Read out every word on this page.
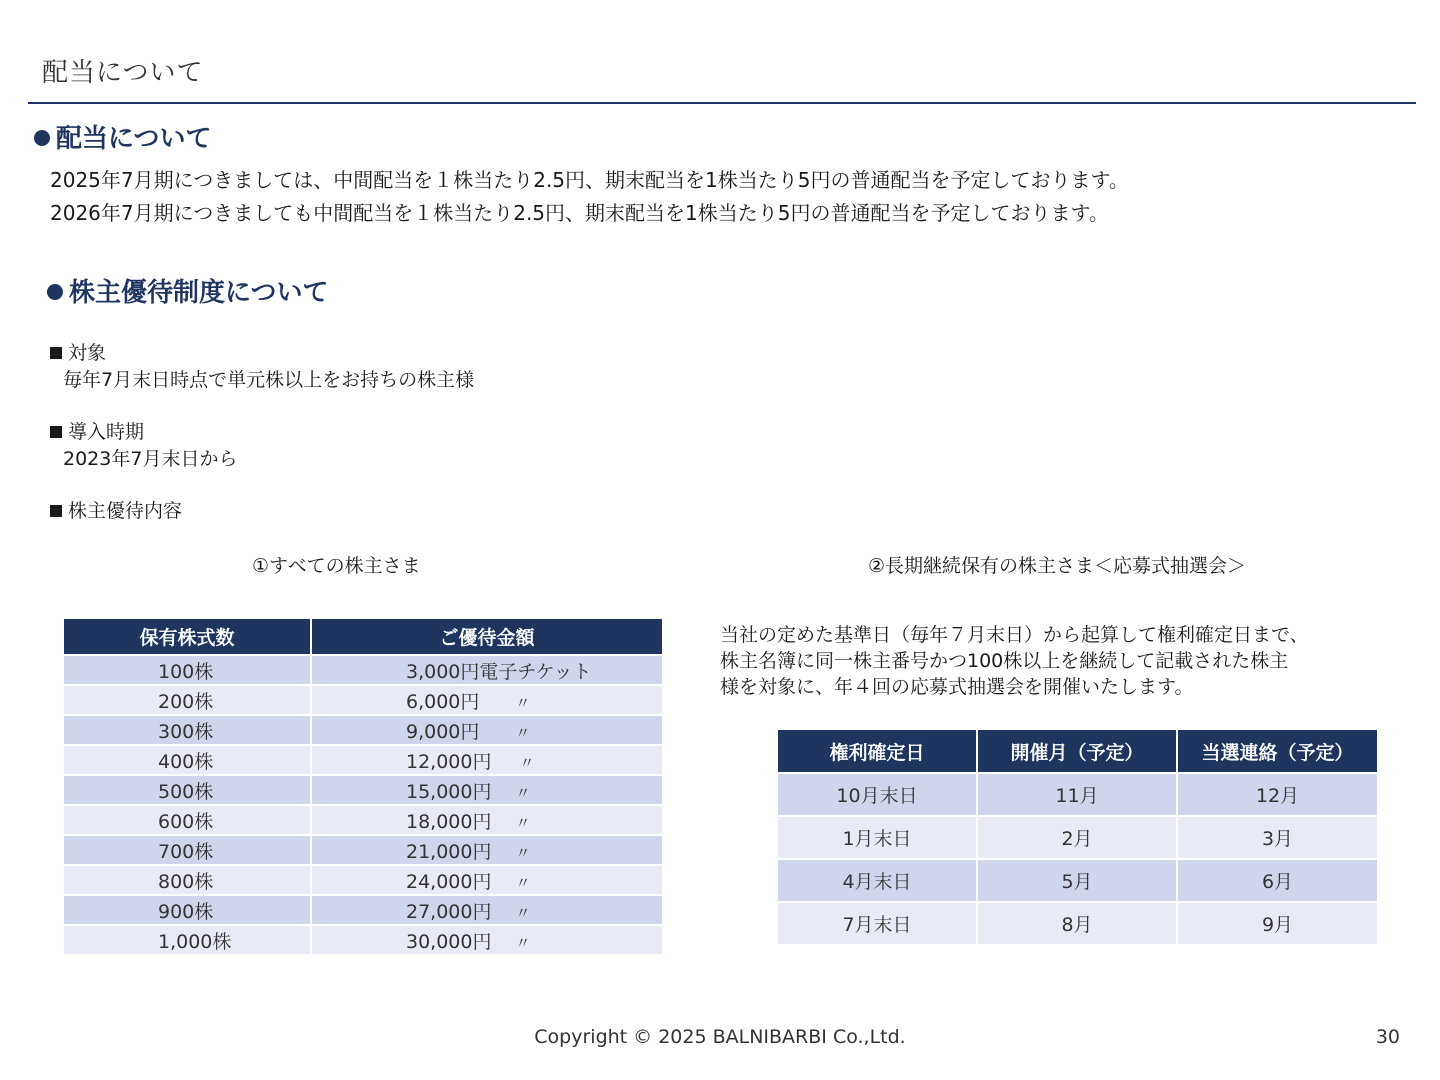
配当について
配当について
2025年7月期につきましては、中間配当を１株当たり2.5円、期末配当を1株当たり5円の普通配当を予定しております。
2026年7月期につきましても中間配当を１株当たり2.5円、期末配当を1株当たり5円の普通配当を予定しております。
株主優待制度について
対象
毎年7月末日時点で単元株以上をお持ちの株主様
導入時期
2023年7月末日から
株主優待内容
①すべての株主さま
保有株式数	ご優待金額
100株	3,000円電子チケット
200株	6,000円 〃
300株	9,000円 〃
400株	12,000円 〃
500株	15,000円 〃
600株	18,000円 〃
700株	21,000円 〃
800株	24,000円 〃
900株	27,000円 〃
1,000株	30,000円 〃
②長期継続保有の株主さま＜応募式抽選会＞
当社の定めた基準日（毎年７月末日）から起算して権利確定日まで、
株主名簿に同一株主番号かつ100株以上を継続して記載された株主
様を対象に、年４回の応募式抽選会を開催いたします。
権利確定日	開催月（予定）	当選連絡（予定）
10月末日	11月	12月
1月末日	2月	3月
4月末日	5月	6月
7月末日	8月	9月
Copyright © 2025 BALNIBARBI Co.,Ltd.	30
